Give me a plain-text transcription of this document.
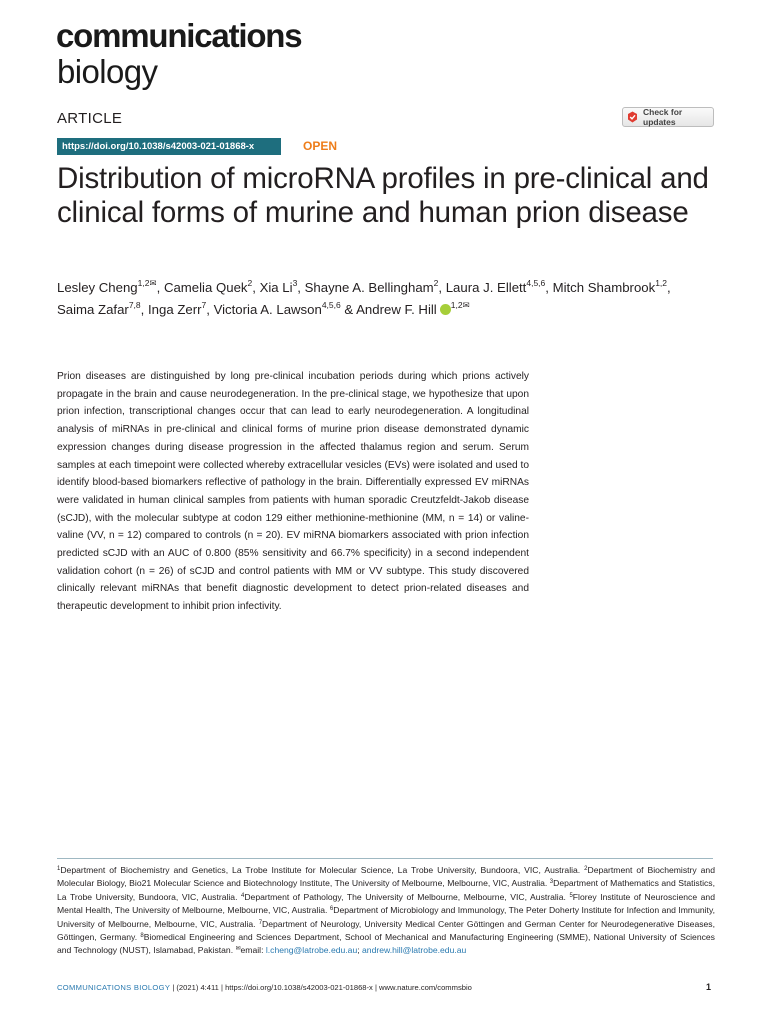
communications
biology
ARTICLE	Check for updates
https://doi.org/10.1038/s42003-021-01868-x	OPEN
Distribution of microRNA profiles in pre-clinical and clinical forms of murine and human prion disease
Lesley Cheng$^{1,2✉}$, Camelia Quek$^2$, Xia Li$^3$, Shayne A. Bellingham$^2$, Laura J. Ellett$^{4,5,6}$, Mitch Shambrook$^{1,2}$, Saima Zafar$^{7,8}$, Inga Zerr$^7$, Victoria A. Lawson$^{4,5,6}$ & Andrew F. Hill $^{1,2✉}$
Prion diseases are distinguished by long pre-clinical incubation periods during which prions actively propagate in the brain and cause neurodegeneration. In the pre-clinical stage, we hypothesize that upon prion infection, transcriptional changes occur that can lead to early neurodegeneration. A longitudinal analysis of miRNAs in pre-clinical and clinical forms of murine prion disease demonstrated dynamic expression changes during disease progression in the affected thalamus region and serum. Serum samples at each timepoint were collected whereby extracellular vesicles (EVs) were isolated and used to identify blood-based biomarkers reflective of pathology in the brain. Differentially expressed EV miRNAs were validated in human clinical samples from patients with human sporadic Creutzfeldt-Jakob disease (sCJD), with the molecular subtype at codon 129 either methionine-methionine (MM, n = 14) or valine-valine (VV, n = 12) compared to controls (n = 20). EV miRNA biomarkers associated with prion infection predicted sCJD with an AUC of 0.800 (85% sensitivity and 66.7% specificity) in a second independent validation cohort (n = 26) of sCJD and control patients with MM or VV subtype. This study discovered clinically relevant miRNAs that benefit diagnostic development to detect prion-related diseases and therapeutic development to inhibit prion infectivity.
$^1$Department of Biochemistry and Genetics, La Trobe Institute for Molecular Science, La Trobe University, Bundoora, VIC, Australia. $^2$Department of Biochemistry and Molecular Biology, Bio21 Molecular Science and Biotechnology Institute, The University of Melbourne, Melbourne, VIC, Australia. $^3$Department of Mathematics and Statistics, La Trobe University, Bundoora, VIC, Australia. $^4$Department of Pathology, The University of Melbourne, Melbourne, VIC, Australia. $^5$Florey Institute of Neuroscience and Mental Health, The University of Melbourne, Melbourne, VIC, Australia. $^6$Department of Microbiology and Immunology, The Peter Doherty Institute for Infection and Immunity, University of Melbourne, Melbourne, VIC, Australia. $^7$Department of Neurology, University Medical Center Göttingen and German Center for Neurodegenerative Diseases, Göttingen, Germany. $^8$Biomedical Engineering and Sciences Department, School of Mechanical and Manufacturing Engineering (SMME), National University of Sciences and Technology (NUST), Islamabad, Pakistan. ✉email: l.cheng@latrobe.edu.au; andrew.hill@latrobe.edu.au
COMMUNICATIONS BIOLOGY | (2021) 4:411 | https://doi.org/10.1038/s42003-021-01868-x | www.nature.com/commsbio	1
